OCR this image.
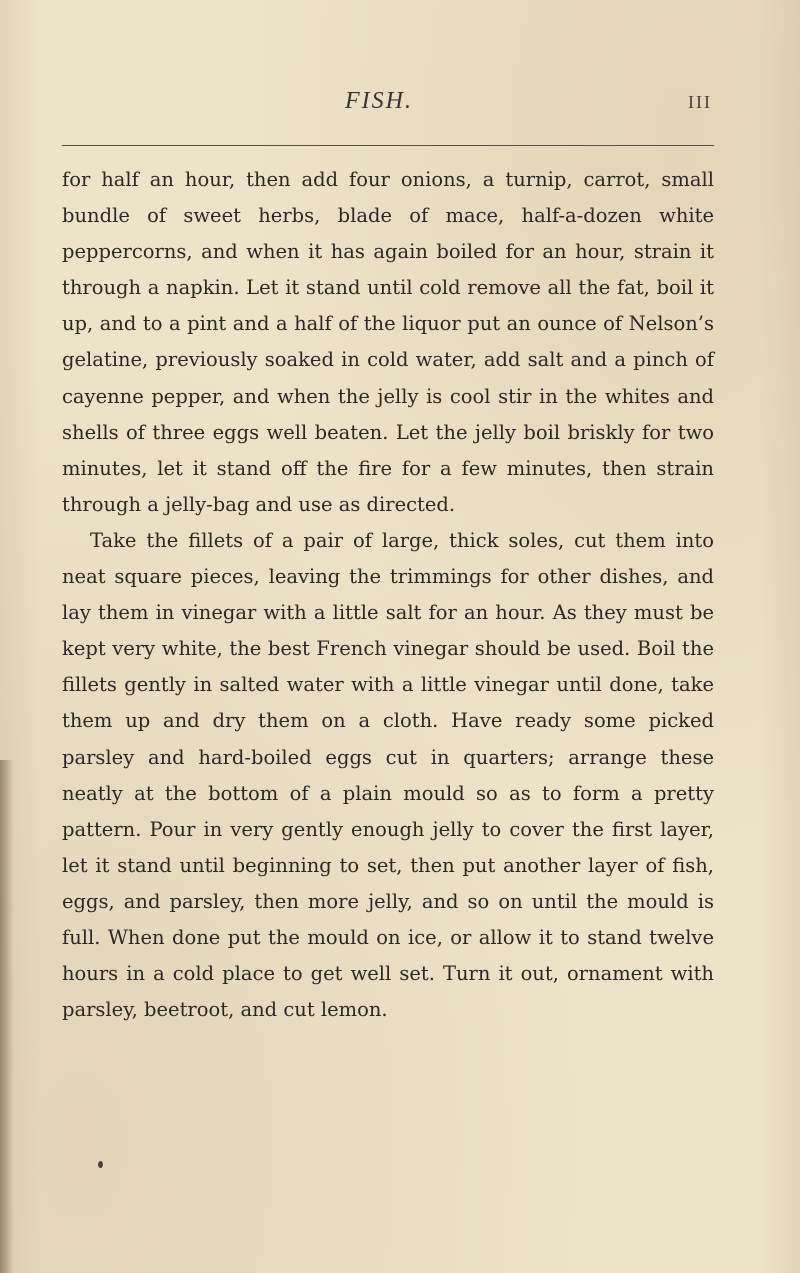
FISH.	III

for half an hour, then add four onions, a turnip, carrot, small bundle of sweet herbs, blade of mace, half-a-dozen white peppercorns, and when it has again boiled for an hour, strain it through a napkin. Let it stand until cold remove all the fat, boil it up, and to a pint and a half of the liquor put an ounce of Nelson’s gelatine, previously soaked in cold water, add salt and a pinch of cayenne pepper, and when the jelly is cool stir in the whites and shells of three eggs well beaten. Let the jelly boil briskly for two minutes, let it stand off the fire for a few minutes, then strain through a jelly-bag and use as directed.

Take the fillets of a pair of large, thick soles, cut them into neat square pieces, leaving the trimmings for other dishes, and lay them in vinegar with a little salt for an hour. As they must be kept very white, the best French vinegar should be used. Boil the fillets gently in salted water with a little vinegar until done, take them up and dry them on a cloth. Have ready some picked parsley and hard-boiled eggs cut in quarters; arrange these neatly at the bottom of a plain mould so as to form a pretty pattern. Pour in very gently enough jelly to cover the first layer, let it stand until beginning to set, then put another layer of fish, eggs, and parsley, then more jelly, and so on until the mould is full. When done put the mould on ice, or allow it to stand twelve hours in a cold place to get well set. Turn it out, ornament with parsley, beetroot, and cut lemon.
